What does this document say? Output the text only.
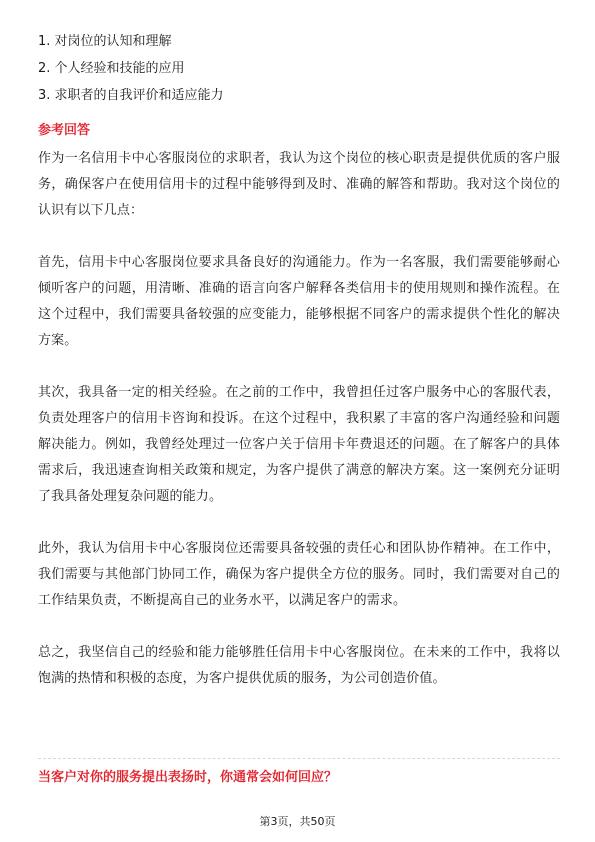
1. 对岗位的认知和理解
2. 个人经验和技能的应用
3. 求职者的自我评价和适应能力
参考回答

作为一名信用卡中心客服岗位的求职者，我认为这个岗位的核心职责是提供优质的客户服务，确保客户在使用信用卡的过程中能够得到及时、准确的解答和帮助。我对这个岗位的认识有以下几点：

首先，信用卡中心客服岗位要求具备良好的沟通能力。作为一名客服，我们需要能够耐心倾听客户的问题，用清晰、准确的语言向客户解释各类信用卡的使用规则和操作流程。在这个过程中，我们需要具备较强的应变能力，能够根据不同客户的需求提供个性化的解决方案。

其次，我具备一定的相关经验。在之前的工作中，我曾担任过客户服务中心的客服代表，负责处理客户的信用卡咨询和投诉。在这个过程中，我积累了丰富的客户沟通经验和问题解决能力。例如，我曾经处理过一位客户关于信用卡年费退还的问题。在了解客户的具体需求后，我迅速查询相关政策和规定，为客户提供了满意的解决方案。这一案例充分证明了我具备处理复杂问题的能力。

此外，我认为信用卡中心客服岗位还需要具备较强的责任心和团队协作精神。在工作中，我们需要与其他部门协同工作，确保为客户提供全方位的服务。同时，我们需要对自己的工作结果负责，不断提高自己的业务水平，以满足客户的需求。

总之，我坚信自己的经验和能力能够胜任信用卡中心客服岗位。在未来的工作中，我将以饱满的热情和积极的态度，为客户提供优质的服务，为公司创造价值。

当客户对你的服务提出表扬时，你通常会如何回应？
第3页，共50页
